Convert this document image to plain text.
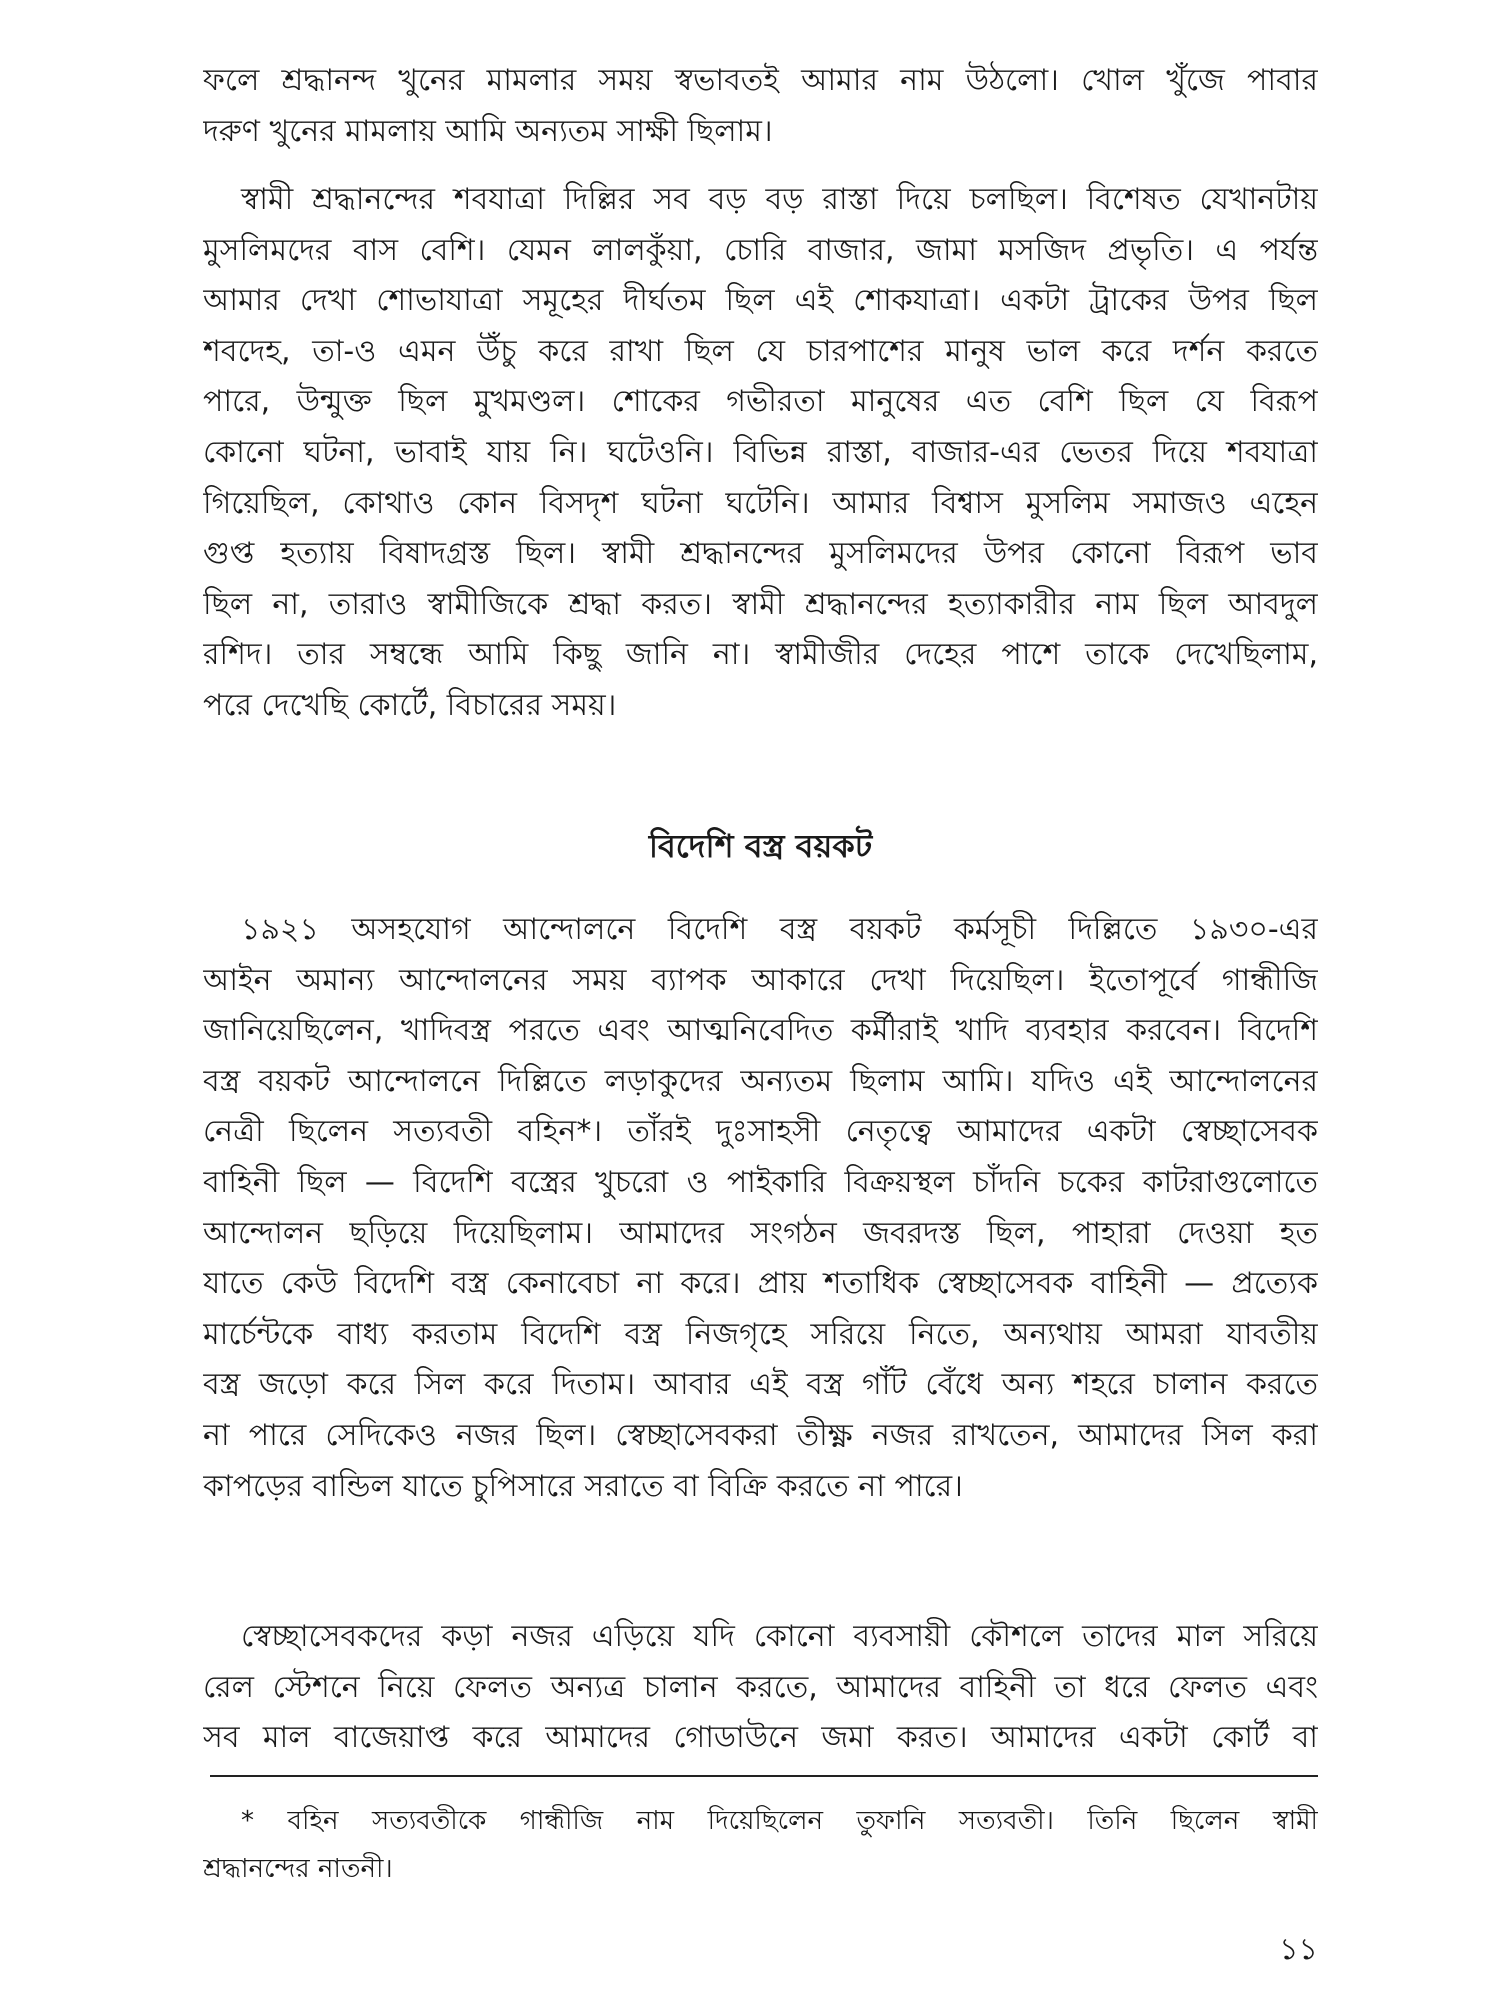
ফলে শ্রদ্ধানন্দ খুনের মামলার সময় স্বভাবতই আমার নাম উঠলো। খোল খুঁজে পাবার
দরুণ খুনের মামলায় আমি অন্যতম সাক্ষী ছিলাম।
স্বামী শ্রদ্ধানন্দের শবযাত্রা দিল্লির সব বড় বড় রাস্তা দিয়ে চলছিল। বিশেষত যেখানটায়
মুসলিমদের বাস বেশি। যেমন লালকুঁয়া, চোরি বাজার, জামা মসজিদ প্রভৃতি। এ পর্যন্ত
আমার দেখা শোভাযাত্রা সমূহের দীর্ঘতম ছিল এই শোকযাত্রা। একটা ট্রাকের উপর ছিল
শবদেহ, তা-ও এমন উঁচু করে রাখা ছিল যে চারপাশের মানুষ ভাল করে দর্শন করতে
পারে, উন্মুক্ত ছিল মুখমণ্ডল। শোকের গভীরতা মানুষের এত বেশি ছিল যে বিরূপ
কোনো ঘটনা, ভাবাই যায় নি। ঘটেওনি। বিভিন্ন রাস্তা, বাজার-এর ভেতর দিয়ে শবযাত্রা
গিয়েছিল, কোথাও কোন বিসদৃশ ঘটনা ঘটেনি। আমার বিশ্বাস মুসলিম সমাজও এহেন
গুপ্ত হত্যায় বিষাদগ্রস্ত ছিল। স্বামী শ্রদ্ধানন্দের মুসলিমদের উপর কোনো বিরূপ ভাব
ছিল না, তারাও স্বামীজিকে শ্রদ্ধা করত। স্বামী শ্রদ্ধানন্দের হত্যাকারীর নাম ছিল আবদুল
রশিদ। তার সম্বন্ধে আমি কিছু জানি না। স্বামীজীর দেহের পাশে তাকে দেখেছিলাম,
পরে দেখেছি কোর্টে, বিচারের সময়।
বিদেশি বস্ত্র বয়কট
১৯২১ অসহযোগ আন্দোলনে বিদেশি বস্ত্র বয়কট কর্মসূচী দিল্লিতে ১৯৩০-এর
আইন অমান্য আন্দোলনের সময় ব্যাপক আকারে দেখা দিয়েছিল। ইতোপূর্বে গান্ধীজি
জানিয়েছিলেন, খাদিবস্ত্র পরতে এবং আত্মনিবেদিত কর্মীরাই খাদি ব্যবহার করবেন। বিদেশি
বস্ত্র বয়কট আন্দোলনে দিল্লিতে লড়াকুদের অন্যতম ছিলাম আমি। যদিও এই আন্দোলনের
নেত্রী ছিলেন সত্যবতী বহিন*। তাঁরই দুঃসাহসী নেতৃত্বে আমাদের একটা স্বেচ্ছাসেবক
বাহিনী ছিল — বিদেশি বস্ত্রের খুচরো ও পাইকারি বিক্রয়স্থল চাঁদনি চকের কাটরাগুলোতে
আন্দোলন ছড়িয়ে দিয়েছিলাম। আমাদের সংগঠন জবরদস্ত ছিল, পাহারা দেওয়া হত
যাতে কেউ বিদেশি বস্ত্র কেনাবেচা না করে। প্রায় শতাধিক স্বেচ্ছাসেবক বাহিনী — প্রত্যেক
মার্চেন্টকে বাধ্য করতাম বিদেশি বস্ত্র নিজগৃহে সরিয়ে নিতে, অন্যথায় আমরা যাবতীয়
বস্ত্র জড়ো করে সিল করে দিতাম। আবার এই বস্ত্র গাঁট বেঁধে অন্য শহরে চালান করতে
না পারে সেদিকেও নজর ছিল। স্বেচ্ছাসেবকরা তীক্ষ্ণ নজর রাখতেন, আমাদের সিল করা
কাপড়ের বান্ডিল যাতে চুপিসারে সরাতে বা বিক্রি করতে না পারে।
স্বেচ্ছাসেবকদের কড়া নজর এড়িয়ে যদি কোনো ব্যবসায়ী কৌশলে তাদের মাল সরিয়ে
রেল স্টেশনে নিয়ে ফেলত অন্যত্র চালান করতে, আমাদের বাহিনী তা ধরে ফেলত এবং
সব মাল বাজেয়াপ্ত করে আমাদের গোডাউনে জমা করত। আমাদের একটা কোর্ট বা
* বহিন সত্যবতীকে গান্ধীজি নাম দিয়েছিলেন তুফানি সত্যবতী। তিনি ছিলেন স্বামী
শ্রদ্ধানন্দের নাতনী।
১১
